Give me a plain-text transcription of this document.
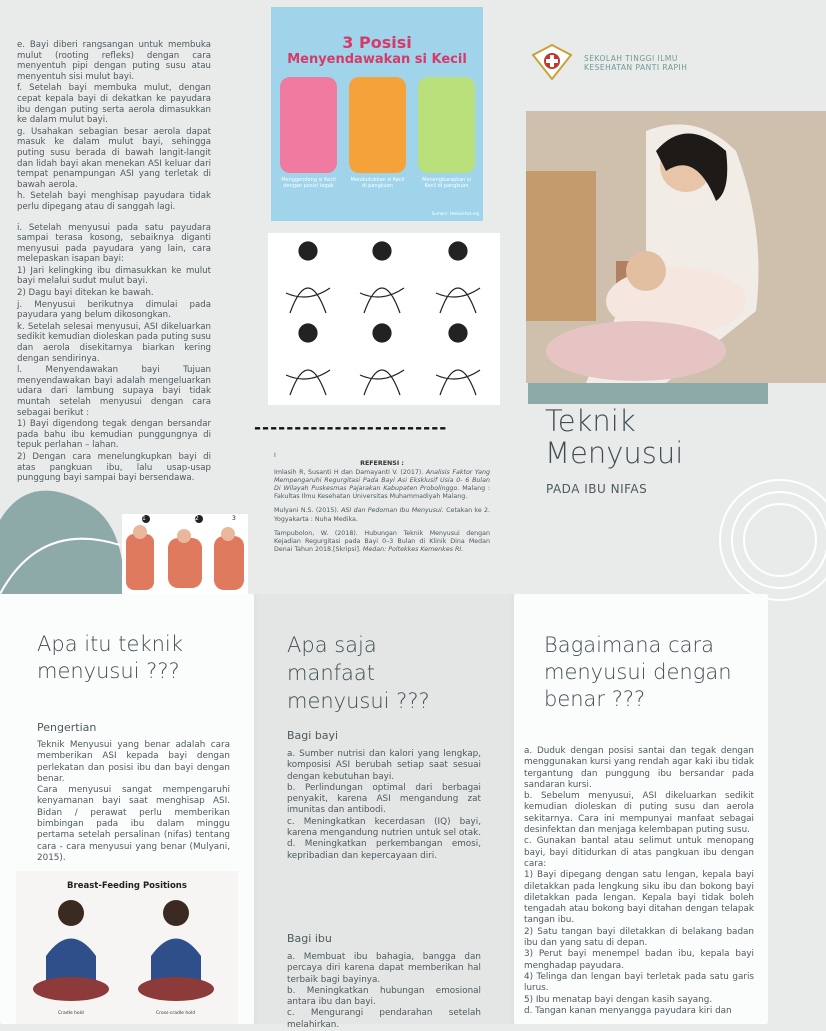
e. Bayi diberi rangsangan untuk membuka mulut (rooting refleks) dengan cara menyentuh pipi dengan puting susu atau menyentuh sisi mulut bayi.

f. Setelah bayi membuka mulut, dengan cepat kepala bayi di dekatkan ke payudara ibu dengan puting serta aerola dimasukkan ke dalam mulut bayi.

g. Usahakan sebagian besar aerola dapat masuk ke dalam mulut bayi, sehingga puting susu berada di bawah langit-langit dan lidah bayi akan menekan ASI keluar dari tempat penampungan ASI yang terletak di bawah aerola.

h. Setelah bayi menghisap payudara tidak perlu dipegang atau di sanggah lagi.

i. Setelah menyusui pada satu payudara sampai terasa kosong, sebaiknya diganti menyusui pada payudara yang lain, cara melepaskan isapan bayi:

1) Jari kelingking ibu dimasukkan ke mulut bayi melalui sudut mulut bayi.

2) Dagu bayi ditekan ke bawah.

j. Menyusui berikutnya dimulai pada payudara yang belum dikosongkan.

k. Setelah selesai menyusui, ASI dikeluarkan sedikit kemudian dioleskan pada puting susu dan aerola disekitarnya biarkan kering dengan sendirinya.

l. Menyendawakan bayi Tujuan menyendawakan bayi adalah mengeluarkan udara dari lambung supaya bayi tidak muntah setelah menyusui dengan cara sebagai berikut :

1) Bayi digendong tegak dengan bersandar pada bahu ibu kemudian punggungnya di tepuk perlahan – lahan.

2) Dengan cara menelungkupkan bayi di atas pangkuan ibu, lalu usap-usap punggung bayi sampai bayi bersendawa.

1	2	3
3 Posisi
Menyendawakan si Kecil
Menggendong si Kecil dengan posisi tegak
Mendudukkan si Kecil di pangkuan
Menengkurapkan si Kecil di pangkuan
Sumber: Hellosehat.org
------------------------
I
REFERENSI :

Imlasih R, Susanti H dan Damayanti V. (2017). Analisis Faktor Yang Mempengaruhi Regurgitasi Pada Bayi Asi Eksklusif Usia 0- 6 Bulan Di Wilayah Puskesmas Pajarakan Kabupaten Probolinggo. Malang : Fakultas Ilmu Kesehatan Universitas Muhammadiyah Malang.

Mulyani N.S. (2015). ASI dan Pedoman Ibu Menyusui. Cetakan ke 2. Yogyakarta : Nuha Medika.

Tampubolon, W. (2018). Hubungan Teknik Menyusui dengan Kejadian Regurgitasi pada Bayi 0–3 Bulan di Klinik Dina Medan Denai Tahun 2018.[Skripsi]. Medan: Poltekkes Kemenkes RI.

SEKOLAH TINGGI ILMU
KESEHATAN PANTI RAPIH
Teknik
Menyusui
PADA IBU NIFAS
Apa itu teknik menyusui ???
Pengertian

Teknik Menyusui yang benar adalah cara memberikan ASI kepada bayi dengan perlekatan dan posisi ibu dan bayi dengan benar.

Cara menyusui sangat mempengaruhi kenyamanan bayi saat menghisap ASI. Bidan / perawat perlu memberikan bimbingan pada ibu dalam minggu pertama setelah persalinan (nifas) tentang cara - cara menyusui yang benar (Mulyani, 2015).

Breast-Feeding Positions
Cradle hold	Cross-cradle hold
Apa saja manfaat menyusui ???
Bagi bayi

a. Sumber nutrisi dan kalori yang lengkap, komposisi ASI berubah setiap saat sesuai dengan kebutuhan bayi.

b. Perlindungan optimal dari berbagai penyakit, karena ASI mengandung zat imunitas dan antibodi.

c. Meningkatkan kecerdasan (IQ) bayi, karena mengandung nutrien untuk sel otak.

d. Meningkatkan perkembangan emosi, kepribadian dan kepercayaan diri.

Bagi ibu

a. Membuat ibu bahagia, bangga dan percaya diri karena dapat memberikan hal terbaik bagi bayinya.

b. Meningkatkan hubungan emosional antara ibu dan bayi.

c. Mengurangi pendarahan setelah melahirkan.

Bagaimana cara menyusui dengan benar ???

a. Duduk dengan posisi santai dan tegak dengan menggunakan kursi yang rendah agar kaki ibu tidak tergantung dan punggung ibu bersandar pada sandaran kursi.

b. Sebelum menyusui, ASI dikeluarkan sedikit kemudian dioleskan di puting susu dan aerola sekitarnya. Cara ini mempunyai manfaat sebagai desinfektan dan menjaga kelembapan puting susu.

c. Gunakan bantal atau selimut untuk menopang bayi, bayi ditidurkan di atas pangkuan ibu dengan cara:

1) Bayi dipegang dengan satu lengan, kepala bayi diletakkan pada lengkung siku ibu dan bokong bayi diletakkan pada lengan. Kepala bayi tidak boleh tengadah atau bokong bayi ditahan dengan telapak tangan ibu.

2) Satu tangan bayi diletakkan di belakang badan ibu dan yang satu di depan.

3) Perut bayi menempel badan ibu, kepala bayi menghadap payudara.

4) Telinga dan lengan bayi terletak pada satu garis lurus.

5) Ibu menatap bayi dengan kasih sayang.

d. Tangan kanan menyangga payudara kiri dan
